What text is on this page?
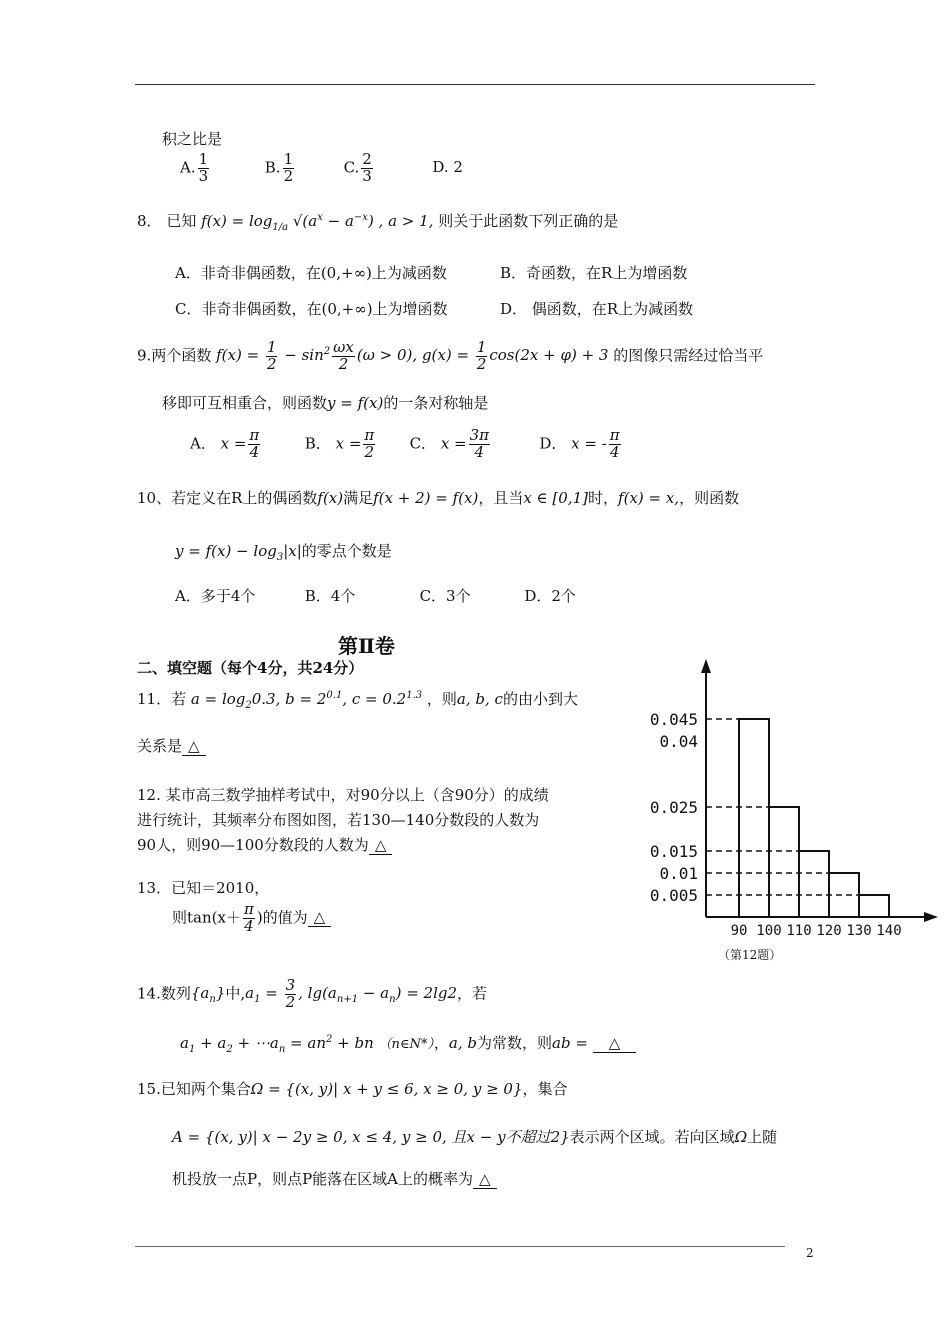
积之比是
A. $\frac{1}{3}$	B. $\frac{1}{2}$	C. $\frac{2}{3}$	D. 2
8． 已知 $f(x) = \log_{1/a} √(a^x - a^{-x})$ , a > 1, 则关于此函数下列正确的是
A．非奇非偶函数，在(0,+∞)上为减函数	B．奇函数，在R上为增函数
C．非奇非偶函数，在(0,+∞)上为增函数	D． 偶函数，在R上为减函数
9.两个函数 $f(x) = \frac{1}{2} - \sin^2 \frac{\omega x}{2} (\omega > 0)$, $g(x) = \frac{1}{2} \cos(2x + \varphi) + 3$ 的图像只需经过恰当平
移即可互相重合，则函数y = f(x)的一条对称轴是
A． $x = \frac{\pi}{4}$	B． $x = \frac{\pi}{2}$ C． $x = \frac{3\pi}{4}$	D． x = - $\frac{\pi}{4}$
10、若定义在R上的偶函数f(x)满足f(x + 2) = f(x)，且当x ∈ [0,1]时，f(x) = x,，则函数
$y = f(x) - \log_3|x|$的零点个数是
A．多于4个	B．4个	C．3个	D．2个
第Ⅱ卷
二、填空题（每个4分，共24分）
11．若 $a = \log_20.3$, $b = 2^{0.1}$, $c = 0.2^{1.3}$ ，则a, b, c的由小到大
关系是 △
12. 某市高三数学抽样考试中，对90分以上（含90分）的成绩
进行统计，其频率分布图如图，若130—140分数段的人数为
90人，则90—100分数段的人数为 △
13．已知＝2010，
则$\tan(x+ \frac{\pi}{4}$ )的值为 △
14.数列$\{a_n\}$中$,a_1 = \frac{3}{2}$ , $\lg(a_{n+1} - a_n) = 2\lg 2$，若
$a_1 + a_2$ + $\cdots a_n = an^2$ + bn （n∈N*），a, b为常数，则ab = △
15.已知两个集合Ω = {(x, y)| x + y ≤ 6, x ≥ 0, y ≥ 0}，集合
A = {(x, y)| x − 2y ≥ 0, x ≤ 4, y ≥ 0, 且x − y不超过2}表示两个区域。若向区域Ω上随
机投放一点P，则点P能落在区域A上的概率为 △
0.045
0.04
0.025
0.015
0.01
0.005
90 100 110 120 130 140
（第12题）
2
